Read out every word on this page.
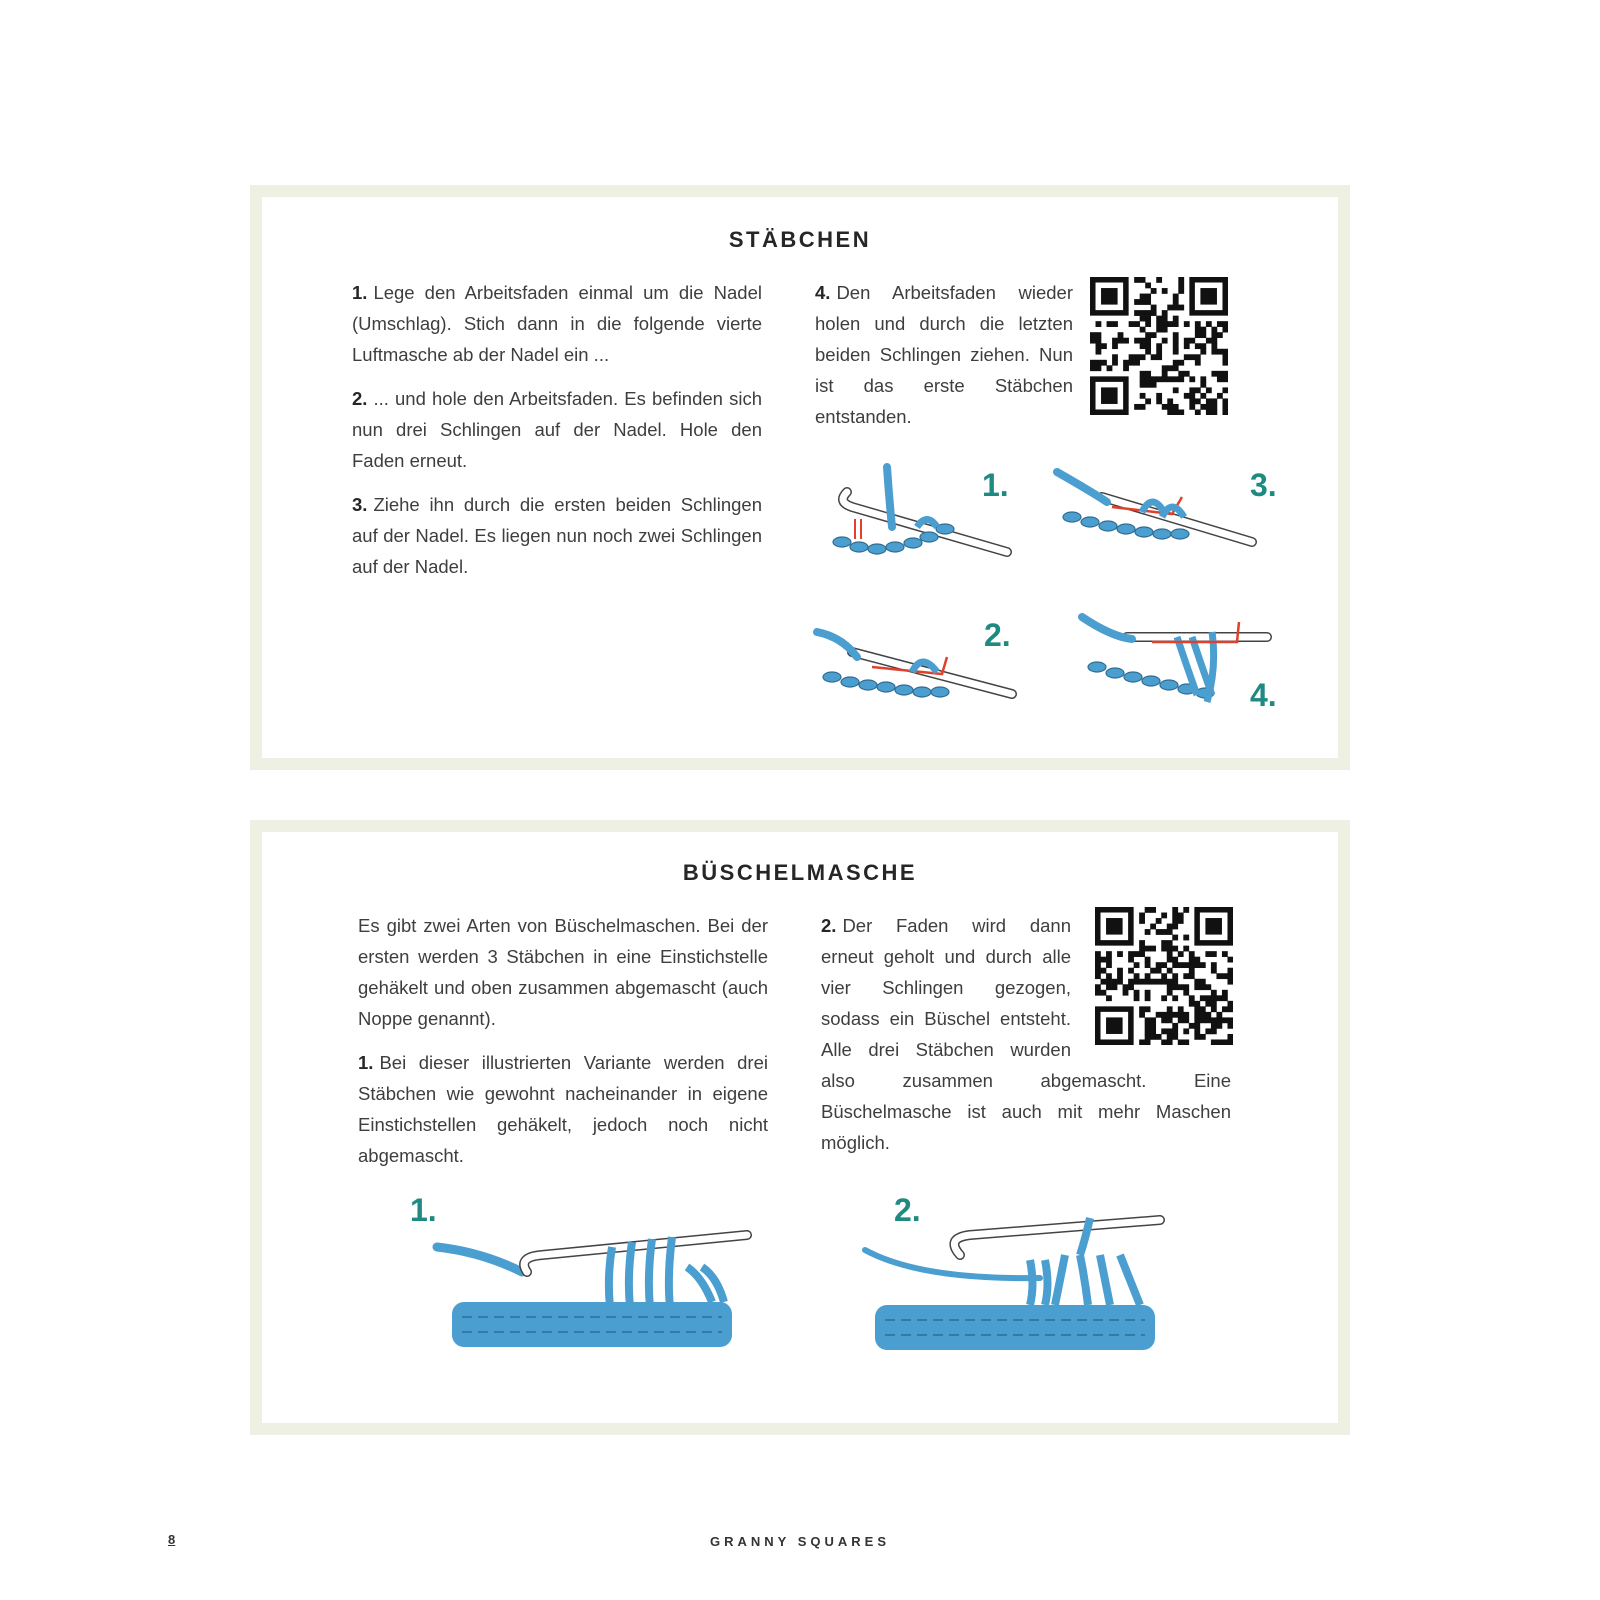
STÄBCHEN

1. Lege den Arbeitsfaden einmal um die Nadel (Umschlag). Stich dann in die folgende vierte Luftmasche ab der Nadel ein ...

2. ... und hole den Arbeitsfaden. Es befinden sich nun drei Schlingen auf der Nadel. Hole den Faden erneut.

3. Ziehe ihn durch die ersten beiden Schlingen auf der Nadel. Es liegen nun noch zwei Schlingen auf der Nadel.

4. Den Arbeitsfaden wieder holen und durch die letzten beiden Schlingen ziehen. Nun ist das erste Stäbchen entstanden.

1.	3.
2.
4.
BÜSCHELMASCHE

Es gibt zwei Arten von Büschelmaschen. Bei der ersten werden 3 Stäbchen in eine Einstichstelle gehäkelt und oben zusammen abgemascht (auch Noppe genannt).

1. Bei dieser illustrierten Variante werden drei Stäbchen wie gewohnt nacheinander in eigene Einstichstellen gehäkelt, jedoch noch nicht abgemascht.

2. Der Faden wird dann erneut geholt und durch alle vier Schlingen gezogen, sodass ein Büschel entsteht. Alle drei Stäbchen wurden also zusammen abgemascht. Eine Büschelmasche ist auch mit mehr Maschen möglich.

1.	2.
8	GRANNY SQUARES
